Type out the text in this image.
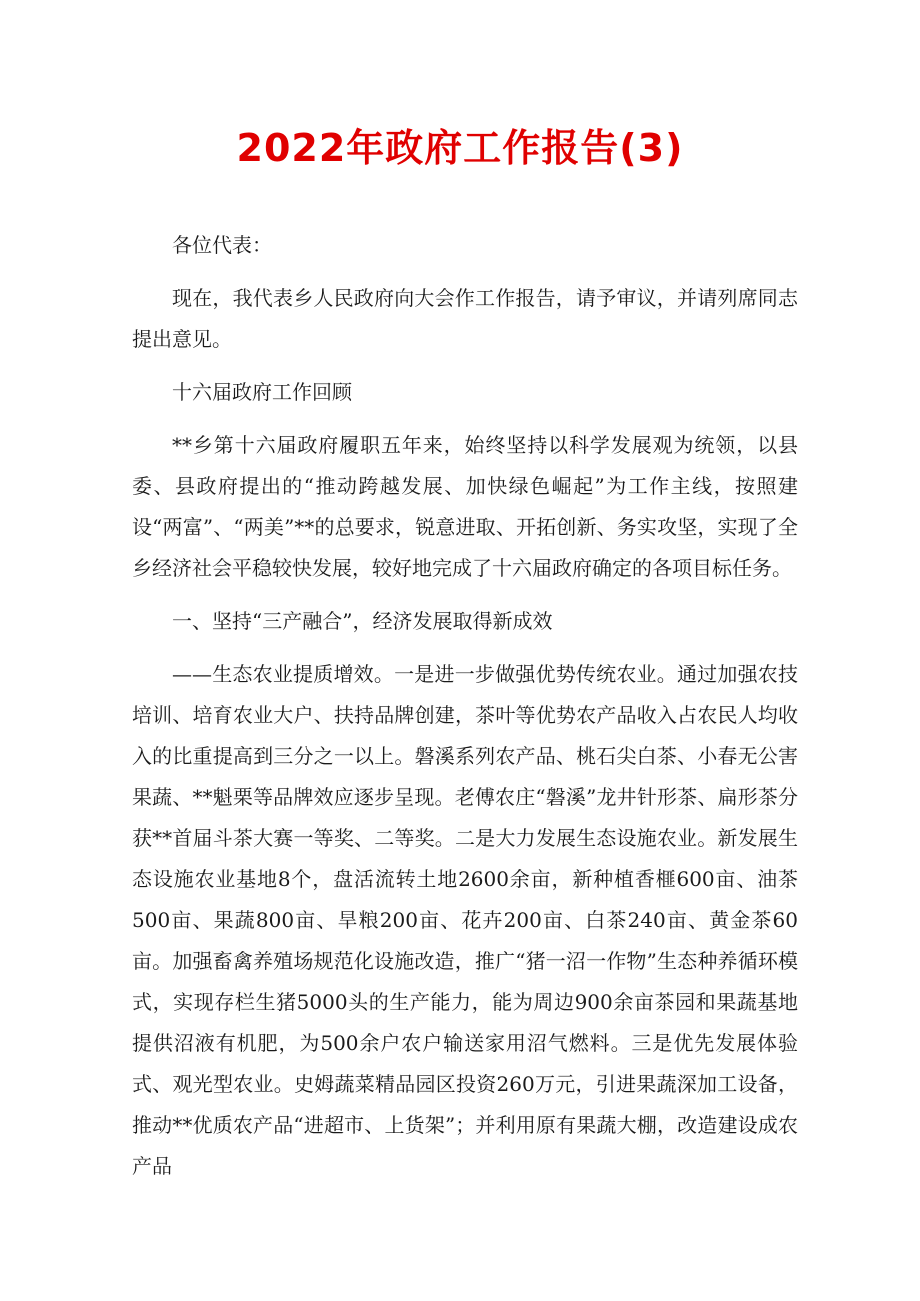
2022年政府工作报告(3)

各位代表：

现在，我代表乡人民政府向大会作工作报告，请予审议，并请列席同志提出意见。

十六届政府工作回顾

**乡第十六届政府履职五年来，始终坚持以科学发展观为统领，以县委、县政府提出的“推动跨越发展、加快绿色崛起”为工作主线，按照建设“两富”、“两美”**的总要求，锐意进取、开拓创新、务实攻坚，实现了全乡经济社会平稳较快发展，较好地完成了十六届政府确定的各项目标任务。

一、坚持“三产融合”，经济发展取得新成效

——生态农业提质增效。一是进一步做强优势传统农业。通过加强农技培训、培育农业大户、扶持品牌创建，茶叶等优势农产品收入占农民人均收入的比重提高到三分之一以上。磐溪系列农产品、桃石尖白茶、小春无公害果蔬、**魁栗等品牌效应逐步呈现。老傅农庄“磐溪”龙井针形茶、扁形茶分获**首届斗茶大赛一等奖、二等奖。二是大力发展生态设施农业。新发展生态设施农业基地8个，盘活流转土地2600余亩，新种植香榧600亩、油茶500亩、果蔬800亩、旱粮200亩、花卉200亩、白茶240亩、黄金茶60亩。加强畜禽养殖场规范化设施改造，推广“猪一沼一作物”生态种养循环模式，实现存栏生猪5000头的生产能力，能为周边900余亩茶园和果蔬基地提供沼液有机肥，为500余户农户输送家用沼气燃料。三是优先发展体验式、观光型农业。史姆蔬菜精品园区投资260万元，引进果蔬深加工设备，推动**优质农产品“进超市、上货架”；并利用原有果蔬大棚，改造建设成农产品
